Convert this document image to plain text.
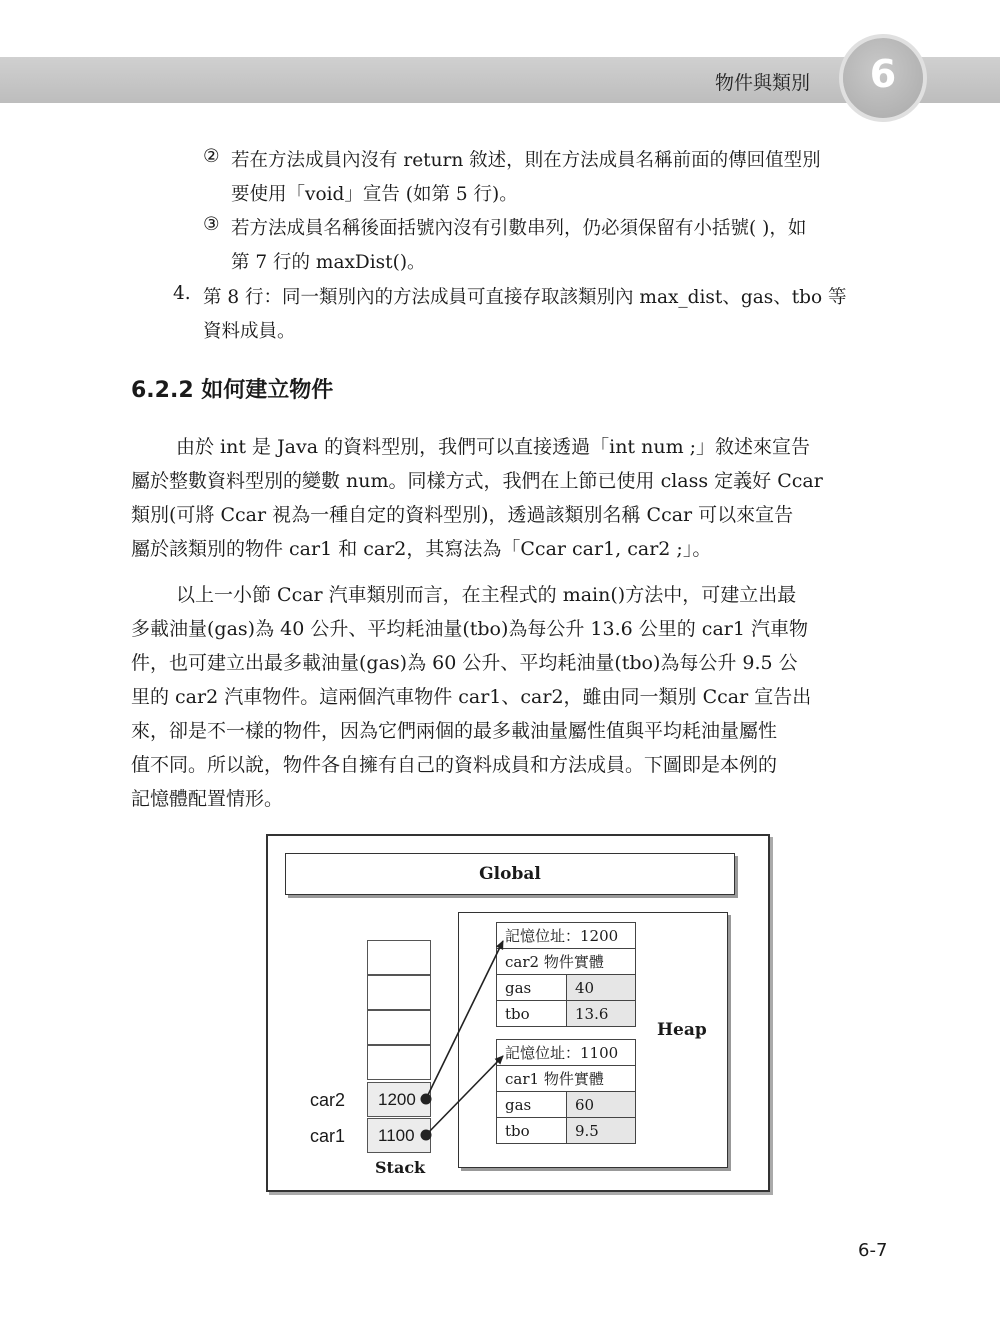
物件與類別	6
② 若在方法成員內沒有 return 敘述，則在方法成員名稱前面的傳回值型別
要使用「void」宣告 (如第 5 行)。
③ 若方法成員名稱後面括號內沒有引數串列，仍必須保留有小括號( )，如
第 7 行的 maxDist()。
4. 第 8 行：同一類別內的方法成員可直接存取該類別內 max_dist、gas、tbo 等
資料成員。
6.2.2 如何建立物件
由於 int 是 Java 的資料型別，我們可以直接透過「int num ;」敘述來宣告
屬於整數資料型別的變數 num。同樣方式，我們在上節已使用 class 定義好 Ccar
類別(可將 Ccar 視為一種自定的資料型別)，透過該類別名稱 Ccar 可以來宣告
屬於該類別的物件 car1 和 car2，其寫法為「Ccar car1, car2 ;」。
以上一小節 Ccar 汽車類別而言，在主程式的 main()方法中，可建立出最
多載油量(gas)為 40 公升、平均耗油量(tbo)為每公升 13.6 公里的 car1 汽車物
件，也可建立出最多載油量(gas)為 60 公升、平均耗油量(tbo)為每公升 9.5 公
里的 car2 汽車物件。這兩個汽車物件 car1、car2，雖由同一類別 Ccar 宣告出
來，卻是不一樣的物件，因為它們兩個的最多載油量屬性值與平均耗油量屬性
值不同。所以說，物件各自擁有自己的資料成員和方法成員。下圖即是本例的
記憶體配置情形。
Global
Heap
1200
1100
car2
car1
Stack
記憶位址：1200	
car2 物件實體	
gas	40
tbo	13.6
記憶位址：1100	
car1 物件實體	
gas	60
tbo	9.5
6-7
